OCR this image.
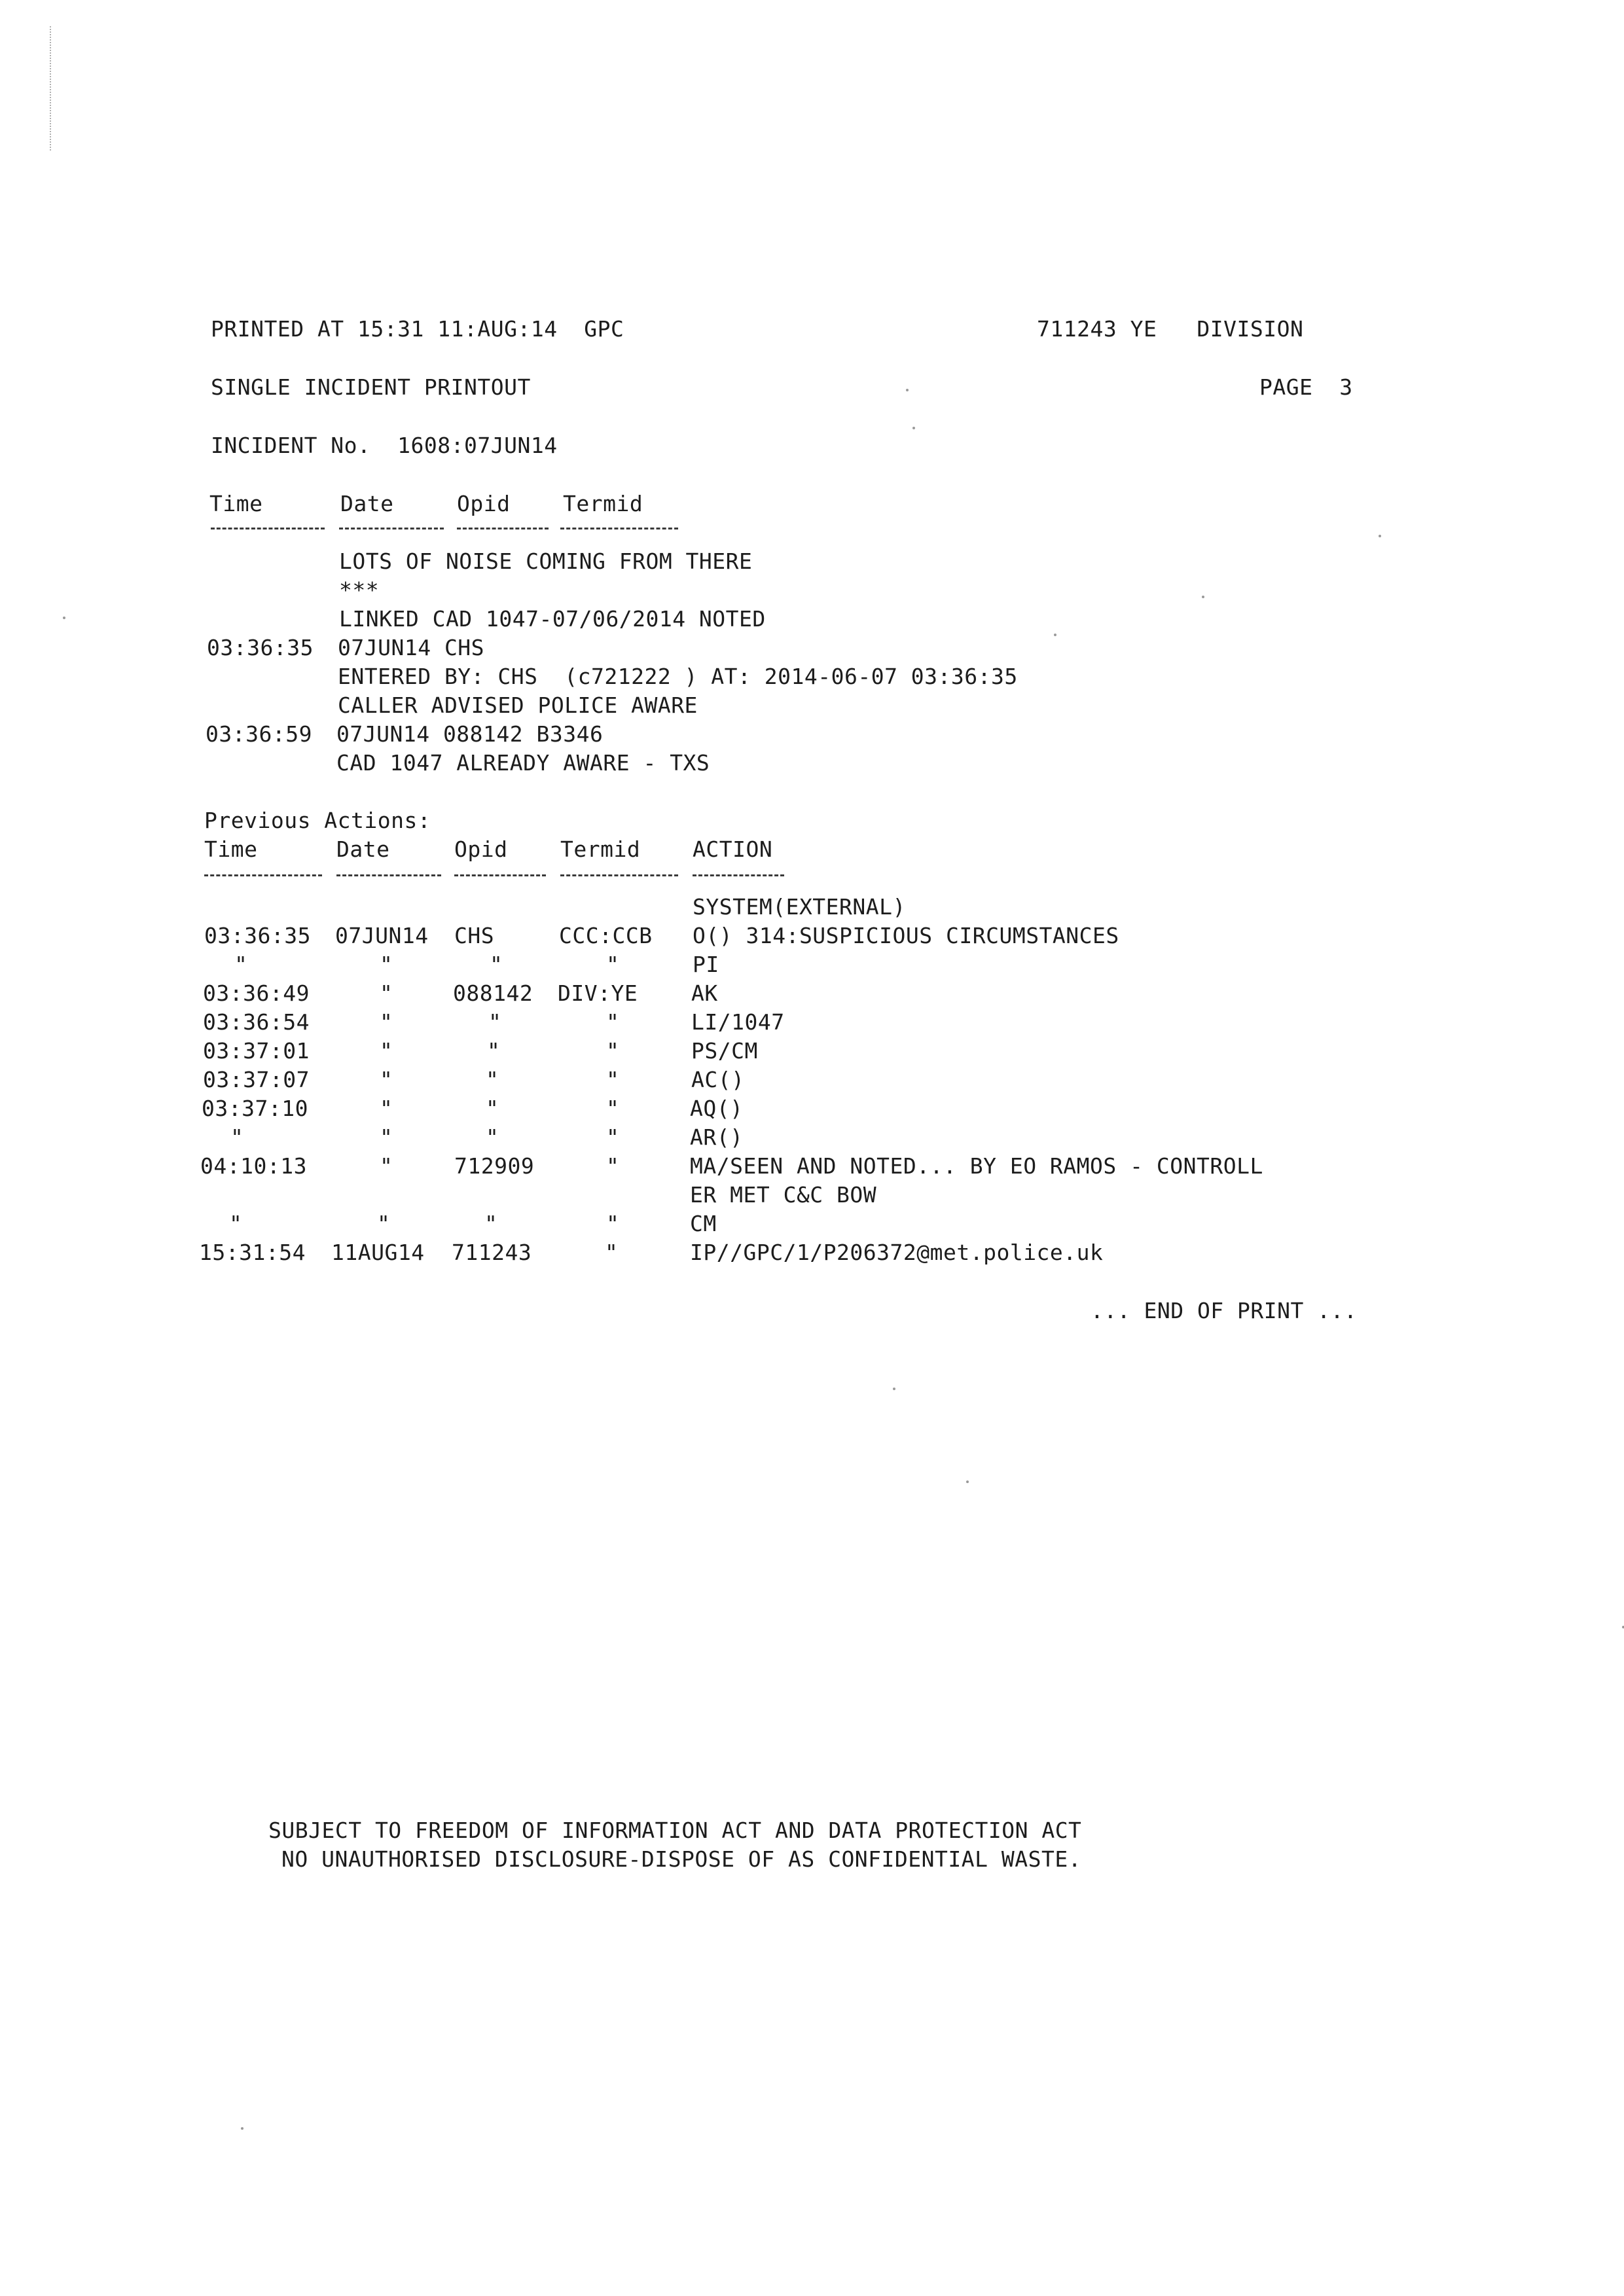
PRINTED AT 15:31 11:AUG:14  GPC	711243 YE   DIVISION
SINGLE INCIDENT PRINTOUT	PAGE  3
INCIDENT No.  1608:07JUN14
Time	Date	Opid Termid
LOTS OF NOISE COMING FROM THERE
***
LINKED CAD 1047-07/06/2014 NOTED
03:36:35 07JUN14 CHS
ENTERED BY: CHS  (c721222 ) AT: 2014-06-07 03:36:35
CALLER ADVISED POLICE AWARE
03:36:59 07JUN14 088142 B3346
CAD 1047 ALREADY AWARE - TXS
Previous Actions:
Time	Date	Opid Termid ACTION
SYSTEM(EXTERNAL)
03:36:35 07JUN14 CHS	CCC:CCB O() 314:SUSPICIOUS CIRCUMSTANCES
"	"	"	"	PI
03:36:49	"	088142 DIV:YE AK
03:36:54	"	"	"	LI/1047
03:37:01	"	"	"	PS/CM
03:37:07	"	"	"	AC()
03:37:10	"	"	"	AQ()
"	"	"	"	AR()
04:10:13	"	712909	"	MA/SEEN AND NOTED... BY EO RAMOS - CONTROLL
ER MET C&C BOW
"	"	"	"	CM
15:31:54 11AUG14 711243	"	IP//GPC/1/P206372@met.police.uk
... END OF PRINT ...
SUBJECT TO FREEDOM OF INFORMATION ACT AND DATA PROTECTION ACT
NO UNAUTHORISED DISCLOSURE-DISPOSE OF AS CONFIDENTIAL WASTE.
